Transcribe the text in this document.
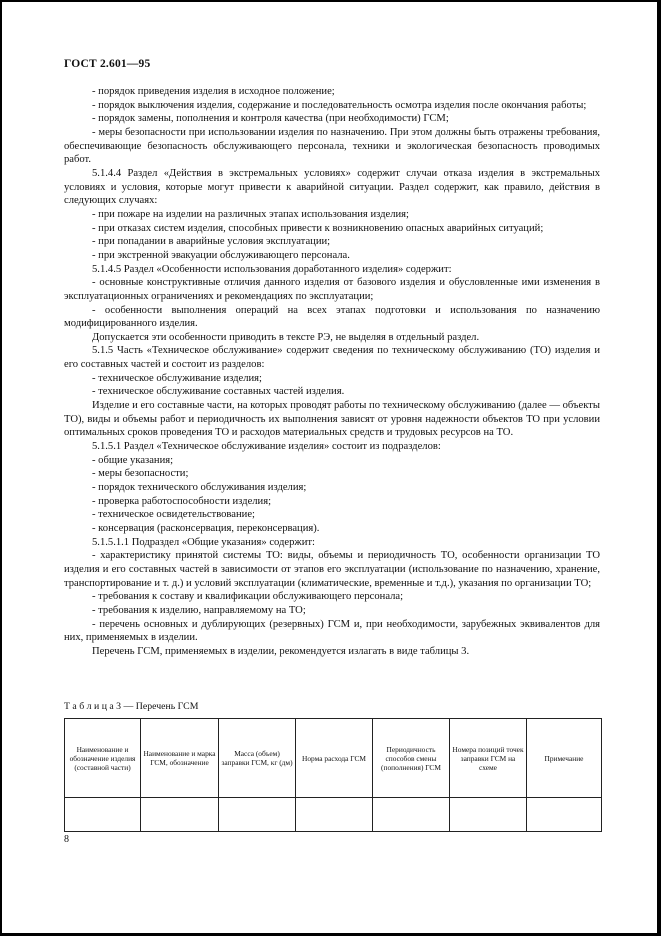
ГОСТ 2.601—95

- порядок приведения изделия в исходное положение;

- порядок выключения изделия, содержание и последовательность осмотра изделия после окончания работы;

- порядок замены, пополнения и контроля качества (при необходимости) ГСМ;

- меры безопасности при использовании изделия по назначению. При этом должны быть отражены требования, обеспечивающие безопасность обслуживающего персонала, техники и экологическая безопасность проводимых работ.

5.1.4.4 Раздел «Действия в экстремальных условиях» содержит случаи отказа изделия в экстремальных условиях и условия, которые могут привести к аварийной ситуации. Раздел содержит, как правило, действия в следующих случаях:

- при пожаре на изделии на различных этапах использования изделия;

- при отказах систем изделия, способных привести к возникновению опасных аварийных ситуаций;

- при попадании в аварийные условия эксплуатации;

- при экстренной эвакуации обслуживающего персонала.

5.1.4.5 Раздел «Особенности использования доработанного изделия» содержит:

- основные конструктивные отличия данного изделия от базового изделия и обусловленные ими изменения в эксплуатационных ограничениях и рекомендациях по эксплуатации;

- особенности выполнения операций на всех этапах подготовки и использования по назначению модифицированного изделия.

Допускается эти особенности приводить в тексте РЭ, не выделяя в отдельный раздел.

5.1.5 Часть «Техническое обслуживание» содержит сведения по техническому обслуживанию (ТО) изделия и его составных частей и состоит из разделов:

- техническое обслуживание изделия;

- техническое обслуживание составных частей изделия.

Изделие и его составные части, на которых проводят работы по техническому обслуживанию (далее — объекты ТО), виды и объемы работ и периодичность их выполнения зависят от уровня надежности объектов ТО при условии оптимальных сроков проведения ТО и расходов материальных средств и трудовых ресурсов на ТО.

5.1.5.1 Раздел «Техническое обслуживание изделия» состоит из подразделов:

- общие указания;

- меры безопасности;

- порядок технического обслуживания изделия;

- проверка работоспособности изделия;

- техническое освидетельствование;

- консервация (расконсервация, переконсервация).

5.1.5.1.1 Подраздел «Общие указания» содержит:

- характеристику принятой системы ТО: виды, объемы и периодичность ТО, особенности организации ТО изделия и его составных частей в зависимости от этапов его эксплуатации (использование по назначению, хранение, транспортирование и т. д.) и условий эксплуатации (климатические, временные и т.д.), указания по организации ТО;

- требования к составу и квалификации обслуживающего персонала;

- требования к изделию, направляемому на ТО;

- перечень основных и дублирующих (резервных) ГСМ и, при необходимости, зарубежных эквивалентов для них, применяемых в изделии.

Перечень ГСМ, применяемых в изделии, рекомендуется излагать в виде таблицы 3.

Т а б л и ц а 3 — Перечень ГСМ
Наименование и обозначение изделия (составной части)	Наименование и марка ГСМ, обозначение	Масса (объем) заправки ГСМ, кг (дм)	Норма расхода ГСМ	Периодичность способов смены (пополнения) ГСМ	Номера позиций точек заправки ГСМ на схеме	Примечание

8
